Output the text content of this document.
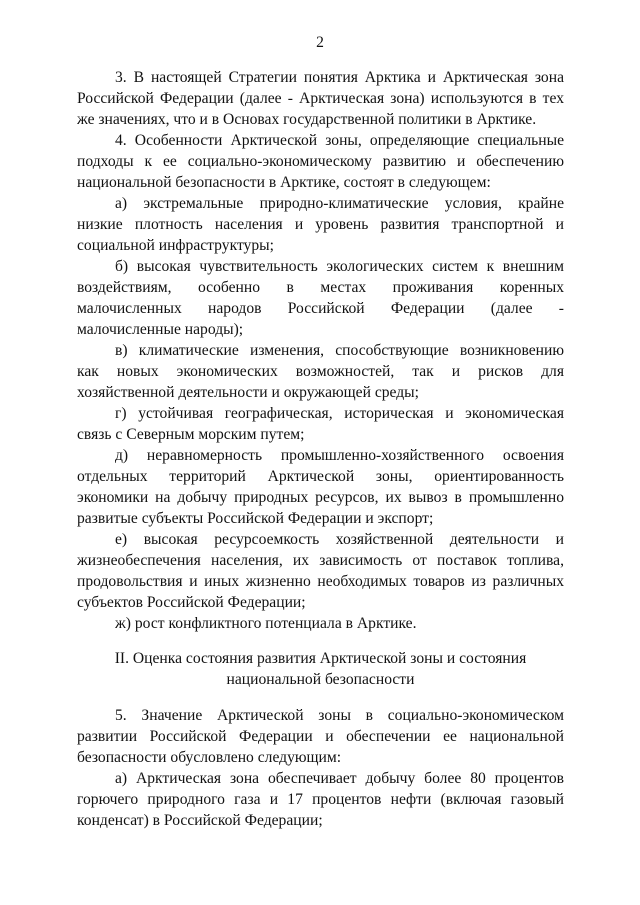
2
3. В настоящей Стратегии понятия Арктика и Арктическая зона
Российской Федерации (далее - Арктическая зона) используются в тех
же значениях, что и в Основах государственной политики в Арктике.
4. Особенности Арктической зоны, определяющие специальные
подходы к ее социально-экономическому развитию и обеспечению
национальной безопасности в Арктике, состоят в следующем:
а) экстремальные природно-климатические условия, крайне
низкие плотность населения и уровень развития транспортной и
социальной инфраструктуры;
б) высокая чувствительность экологических систем к внешним
воздействиям, особенно в местах проживания коренных
малочисленных народов Российской Федерации (далее -
малочисленные народы);
в) климатические изменения, способствующие возникновению
как новых экономических возможностей, так и рисков для
хозяйственной деятельности и окружающей среды;
г) устойчивая географическая, историческая и экономическая
связь с Северным морским путем;
д) неравномерность промышленно-хозяйственного освоения
отдельных территорий Арктической зоны, ориентированность
экономики на добычу природных ресурсов, их вывоз в промышленно
развитые субъекты Российской Федерации и экспорт;
е) высокая ресурсоемкость хозяйственной деятельности и
жизнеобеспечения населения, их зависимость от поставок топлива,
продовольствия и иных жизненно необходимых товаров из различных
субъектов Российской Федерации;
ж) рост конфликтного потенциала в Арктике.
II. Оценка состояния развития Арктической зоны и состояния
национальной безопасности
5. Значение Арктической зоны в социально-экономическом
развитии Российской Федерации и обеспечении ее национальной
безопасности обусловлено следующим:
а) Арктическая зона обеспечивает добычу более 80 процентов
горючего природного газа и 17 процентов нефти (включая газовый
конденсат) в Российской Федерации;
